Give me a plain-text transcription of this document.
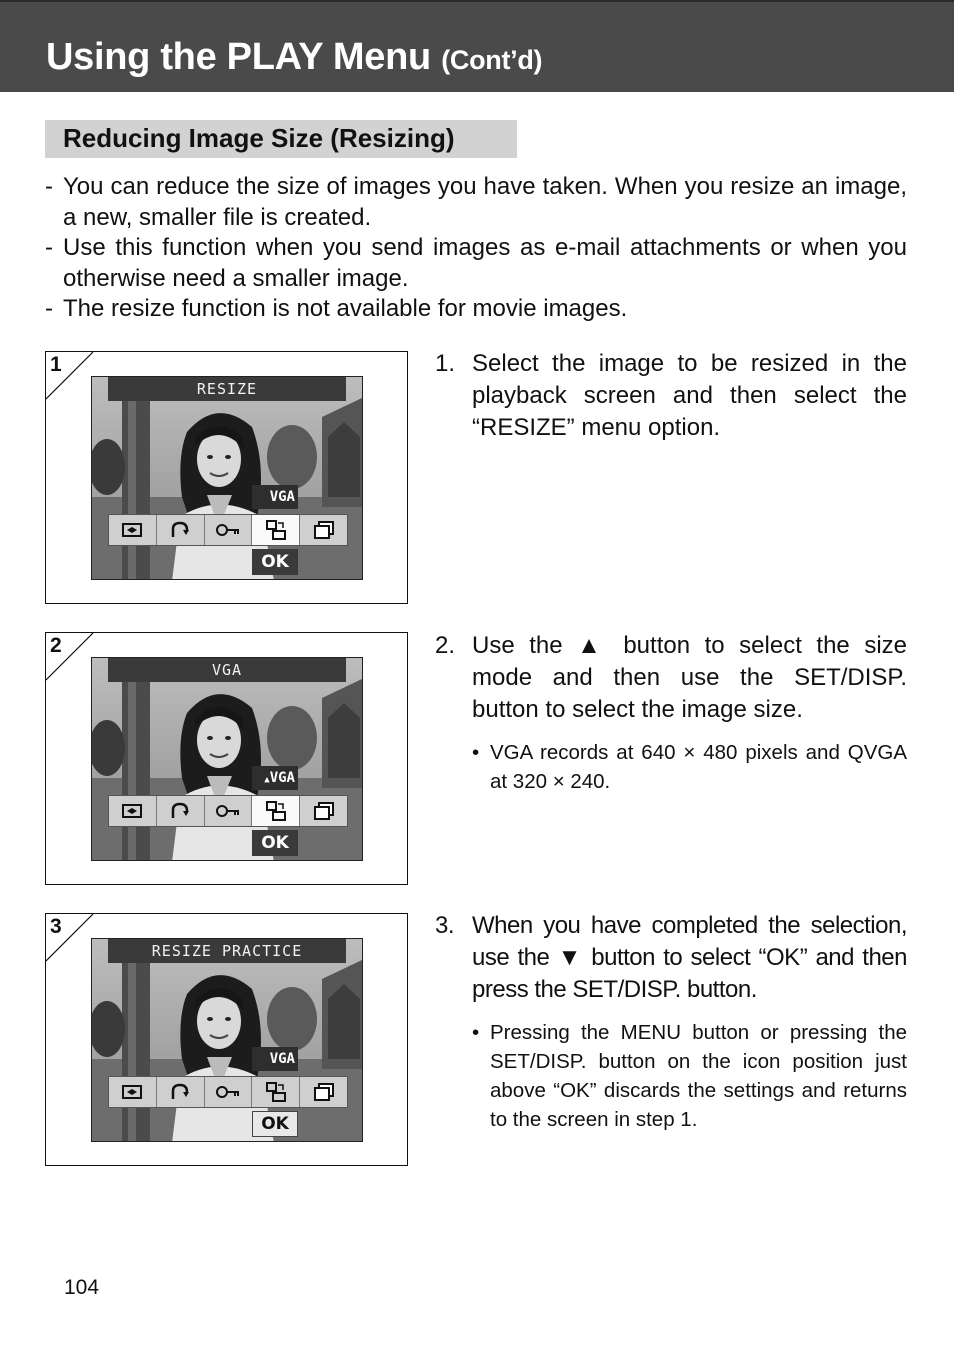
Using the PLAY Menu (Cont’d)
Reducing Image Size (Resizing)
- You can reduce the size of images you have taken. When you resize an image, a new, smaller file is created.
- Use this function when you send images as e-mail attachments or when you otherwise need a smaller image.
- The resize function is not available for movie images.
1
RESIZE
VGA
OK
2
VGA
▲VGA
OK
3
RESIZE PRACTICE
VGA
OK
1. Select the image to be resized in the playback screen and then select the “RESIZE” menu option.
2. Use the ▲ button to select the size mode and then use the SET/DISP. button to select the image size.
• VGA records at 640 × 480 pixels and QVGA at 320 × 240.
3. When you have completed the selection, use the ▼ button to select “OK” and then press the SET/DISP. button.
• Pressing the MENU button or pressing the SET/DISP. button on the icon position just above “OK” discards the settings and returns to the screen in step 1.
104
